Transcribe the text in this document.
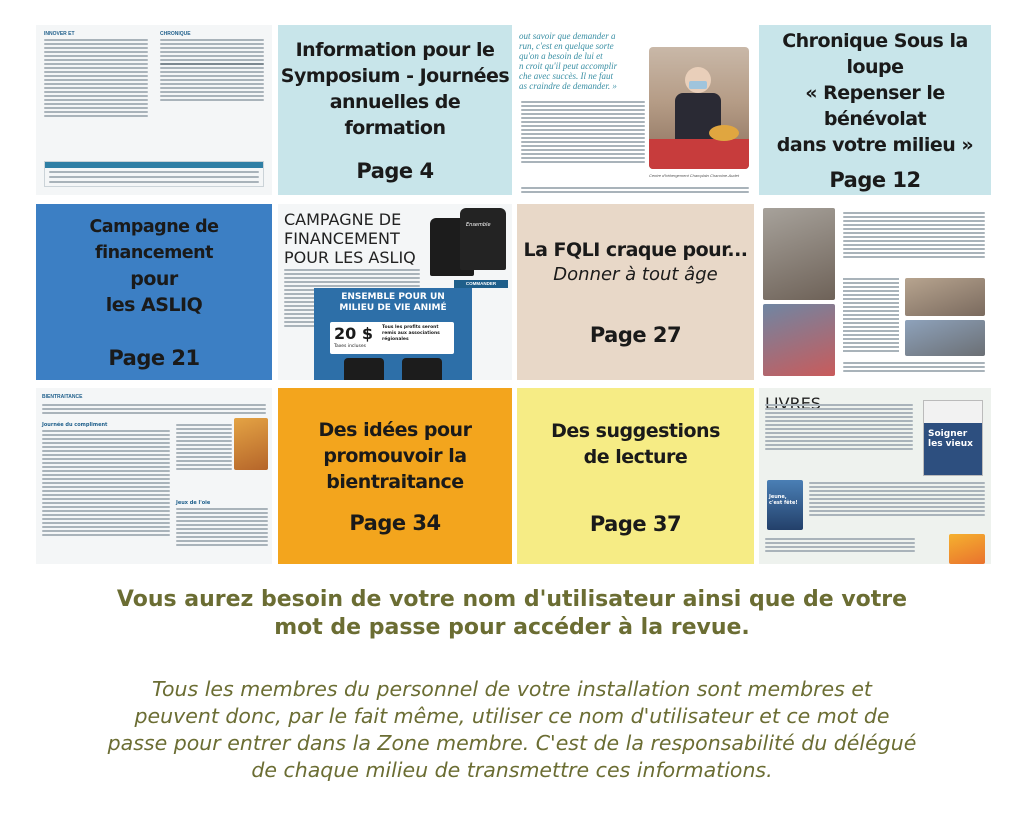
INNOVER ET	CHRONIQUE
Information pour le
Symposium - Journées
annuelles de formation
Page 4
out savoir que demander a
run, c'est en quelque sorte
qu'on a besoin de lui et
n croit qu'il peut accomplir
che avec succès. Il ne faut
as craindre de demander. »
Centre d'hébergement Champlain Chanoine-Audet
Chronique Sous la loupe
« Repenser le bénévolat
dans votre milieu »
Page 12
Campagne de financement
pour
les ASLIQ
Page 21
CAMPAGNE DE FINANCEMENT POUR LES ASLIQ
Ensemble
COMMANDER
ENSEMBLE POUR UN
MILIEU DE VIE ANIMÉ
20 $
Taxes incluses
Tous les profits seront remis aux associations régionales
La FQLI craque pour...
Donner à tout âge
Page 27
BIENTRAITANCE
Journée du compliment
Jeux de l'oie
Des idées pour
promouvoir la
bientraitance
Page 34
Des suggestions
de lecture
Page 37
Soigner les vieux
Jeune, c'est fête!
Vous aurez besoin de votre nom d'utilisateur ainsi que de votre
mot de passe pour accéder à la revue.
Tous les membres du personnel de votre installation sont membres et
peuvent donc, par le fait même, utiliser ce nom d'utilisateur et ce mot de
passe pour entrer dans la Zone membre. C'est de la responsabilité du délégué
de chaque milieu de transmettre ces informations.
